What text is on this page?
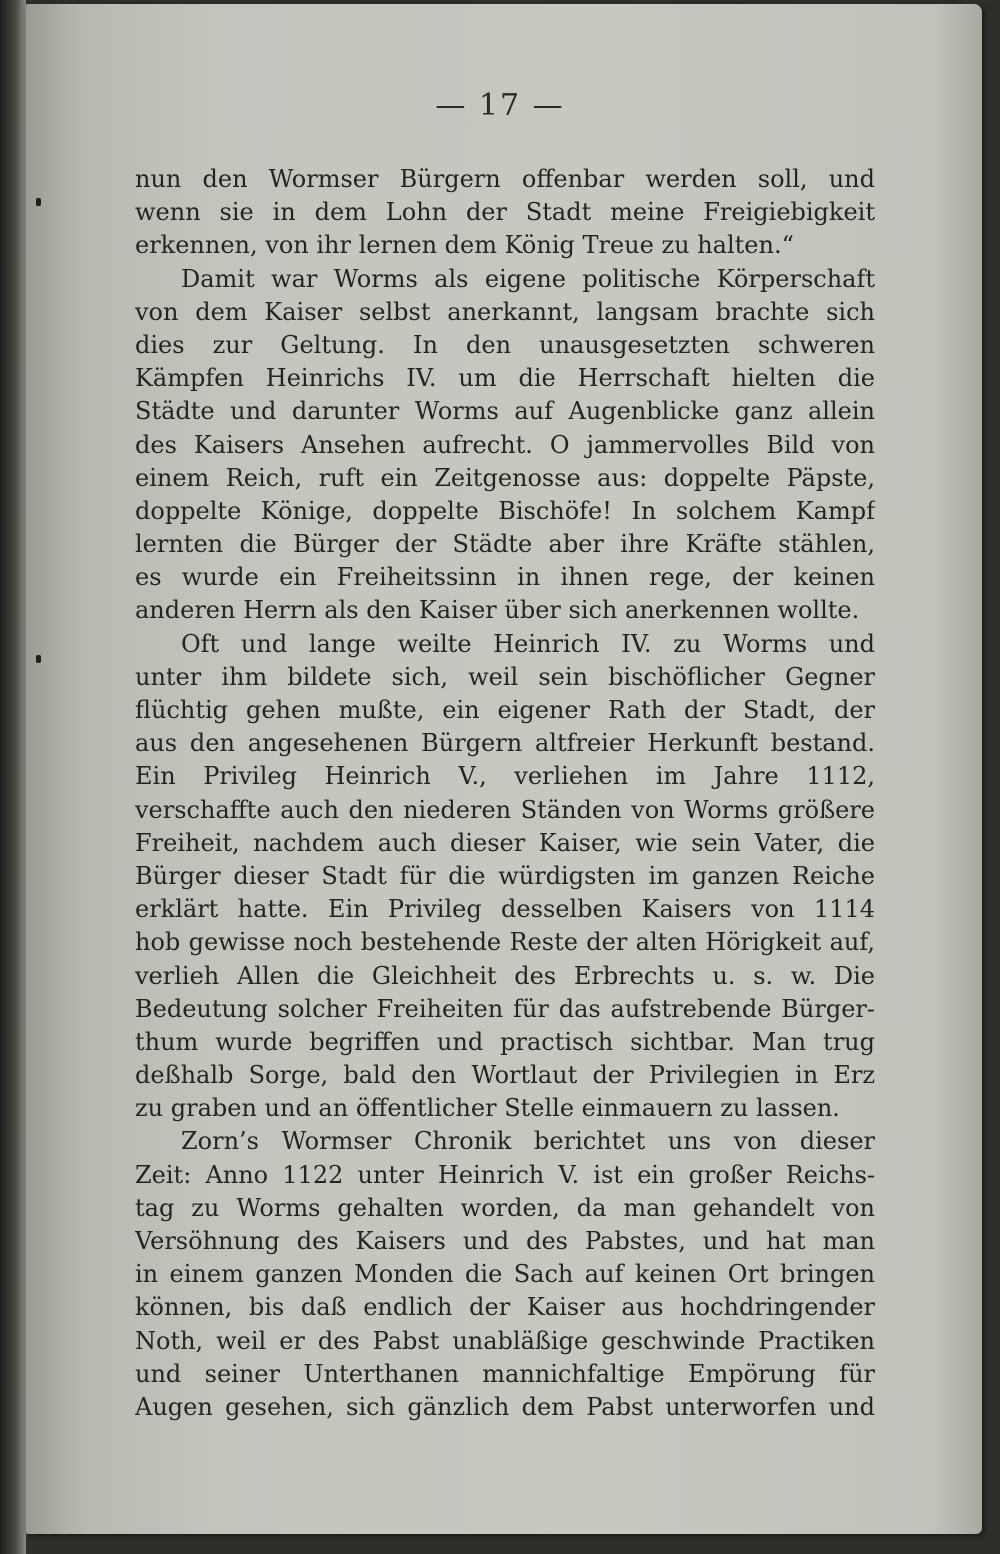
— 17 —
nun den Wormser Bürgern offenbar werden soll, und
wenn sie in dem Lohn der Stadt meine Freigiebigkeit
erkennen, von ihr lernen dem König Treue zu halten.“
Damit war Worms als eigene politische Körperschaft
von dem Kaiser selbst anerkannt, langsam brachte sich
dies zur Geltung. In den unausgesetzten schweren
Kämpfen Heinrichs IV. um die Herrschaft hielten die
Städte und darunter Worms auf Augenblicke ganz allein
des Kaisers Ansehen aufrecht. O jammervolles Bild von
einem Reich, ruft ein Zeitgenosse aus: doppelte Päpste,
doppelte Könige, doppelte Bischöfe! In solchem Kampf
lernten die Bürger der Städte aber ihre Kräfte stählen,
es wurde ein Freiheitssinn in ihnen rege, der keinen
anderen Herrn als den Kaiser über sich anerkennen wollte.
Oft und lange weilte Heinrich IV. zu Worms und
unter ihm bildete sich, weil sein bischöflicher Gegner
flüchtig gehen mußte, ein eigener Rath der Stadt, der
aus den angesehenen Bürgern altfreier Herkunft bestand.
Ein Privileg Heinrich V., verliehen im Jahre 1112,
verschaffte auch den niederen Ständen von Worms größere
Freiheit, nachdem auch dieser Kaiser, wie sein Vater, die
Bürger dieser Stadt für die würdigsten im ganzen Reiche
erklärt hatte. Ein Privileg desselben Kaisers von 1114
hob gewisse noch bestehende Reste der alten Hörigkeit auf,
verlieh Allen die Gleichheit des Erbrechts u. s. w. Die
Bedeutung solcher Freiheiten für das aufstrebende Bürger-
thum wurde begriffen und practisch sichtbar. Man trug
deßhalb Sorge, bald den Wortlaut der Privilegien in Erz
zu graben und an öffentlicher Stelle einmauern zu lassen.
Zorn’s Wormser Chronik berichtet uns von dieser
Zeit: Anno 1122 unter Heinrich V. ist ein großer Reichs-
tag zu Worms gehalten worden, da man gehandelt von
Versöhnung des Kaisers und des Pabstes, und hat man
in einem ganzen Monden die Sach auf keinen Ort bringen
können, bis daß endlich der Kaiser aus hochdringender
Noth, weil er des Pabst unabläßige geschwinde Practiken
und seiner Unterthanen mannichfaltige Empörung für
Augen gesehen, sich gänzlich dem Pabst unterworfen und
